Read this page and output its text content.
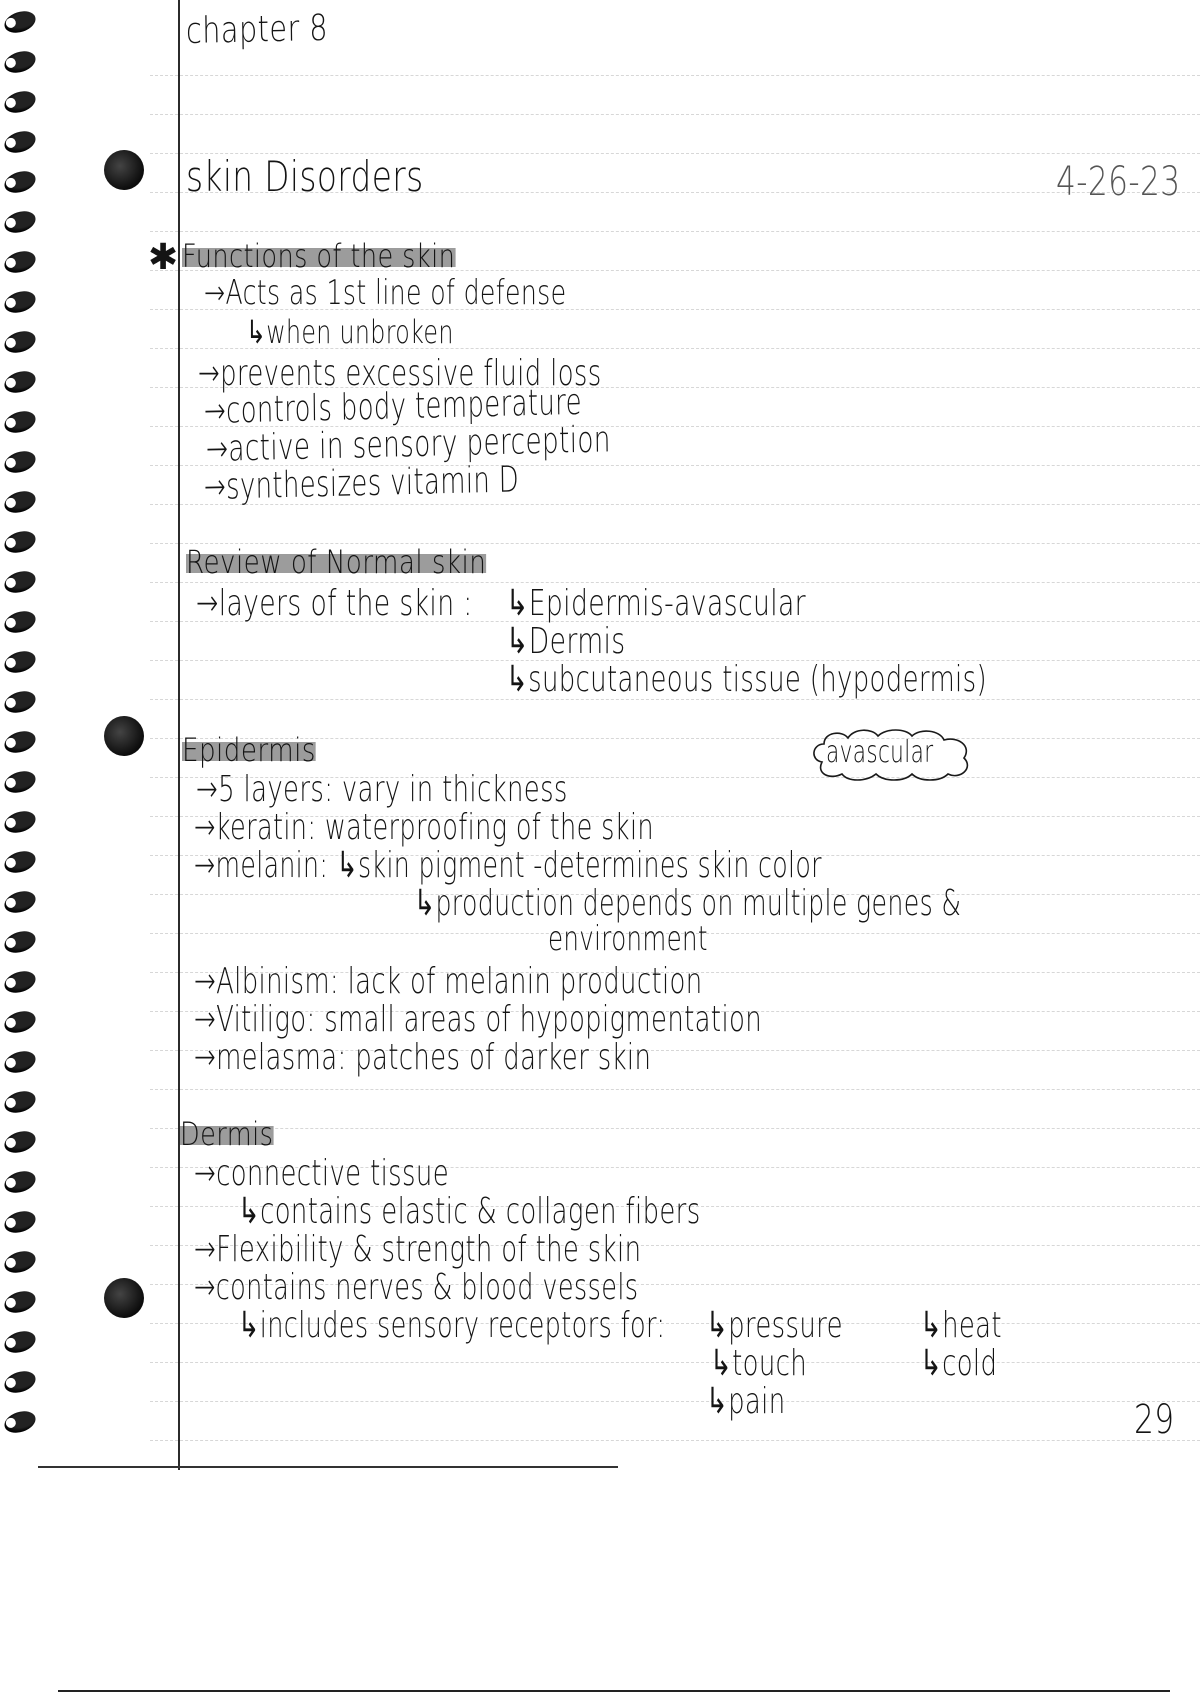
chapter 8
4-26-23
skin Disorders
✱ Functions of the skin
→Acts as 1st line of defense
↳when unbroken
→prevents excessive fluid loss
→controls body temperature
→active in sensory perception
→synthesizes vitamin D
Review of Normal skin
→layers of the skin : ↳Epidermis-avascular
↳Dermis
↳subcutaneous tissue (hypodermis)
Epidermis	avascular
→5 layers: vary in thickness
→keratin: waterproofing of the skin
→melanin: ↳skin pigment -determines skin color
↳production depends on multiple genes &
environment
→Albinism: lack of melanin production
→Vitiligo: small areas of hypopigmentation
→melasma: patches of darker skin
Dermis
→connective tissue
↳contains elastic & collagen fibers
→Flexibility & strength of the skin
→contains nerves & blood vessels
↳includes sensory receptors for: ↳pressure
↳touch
↳pain
↳heat
↳cold
29
